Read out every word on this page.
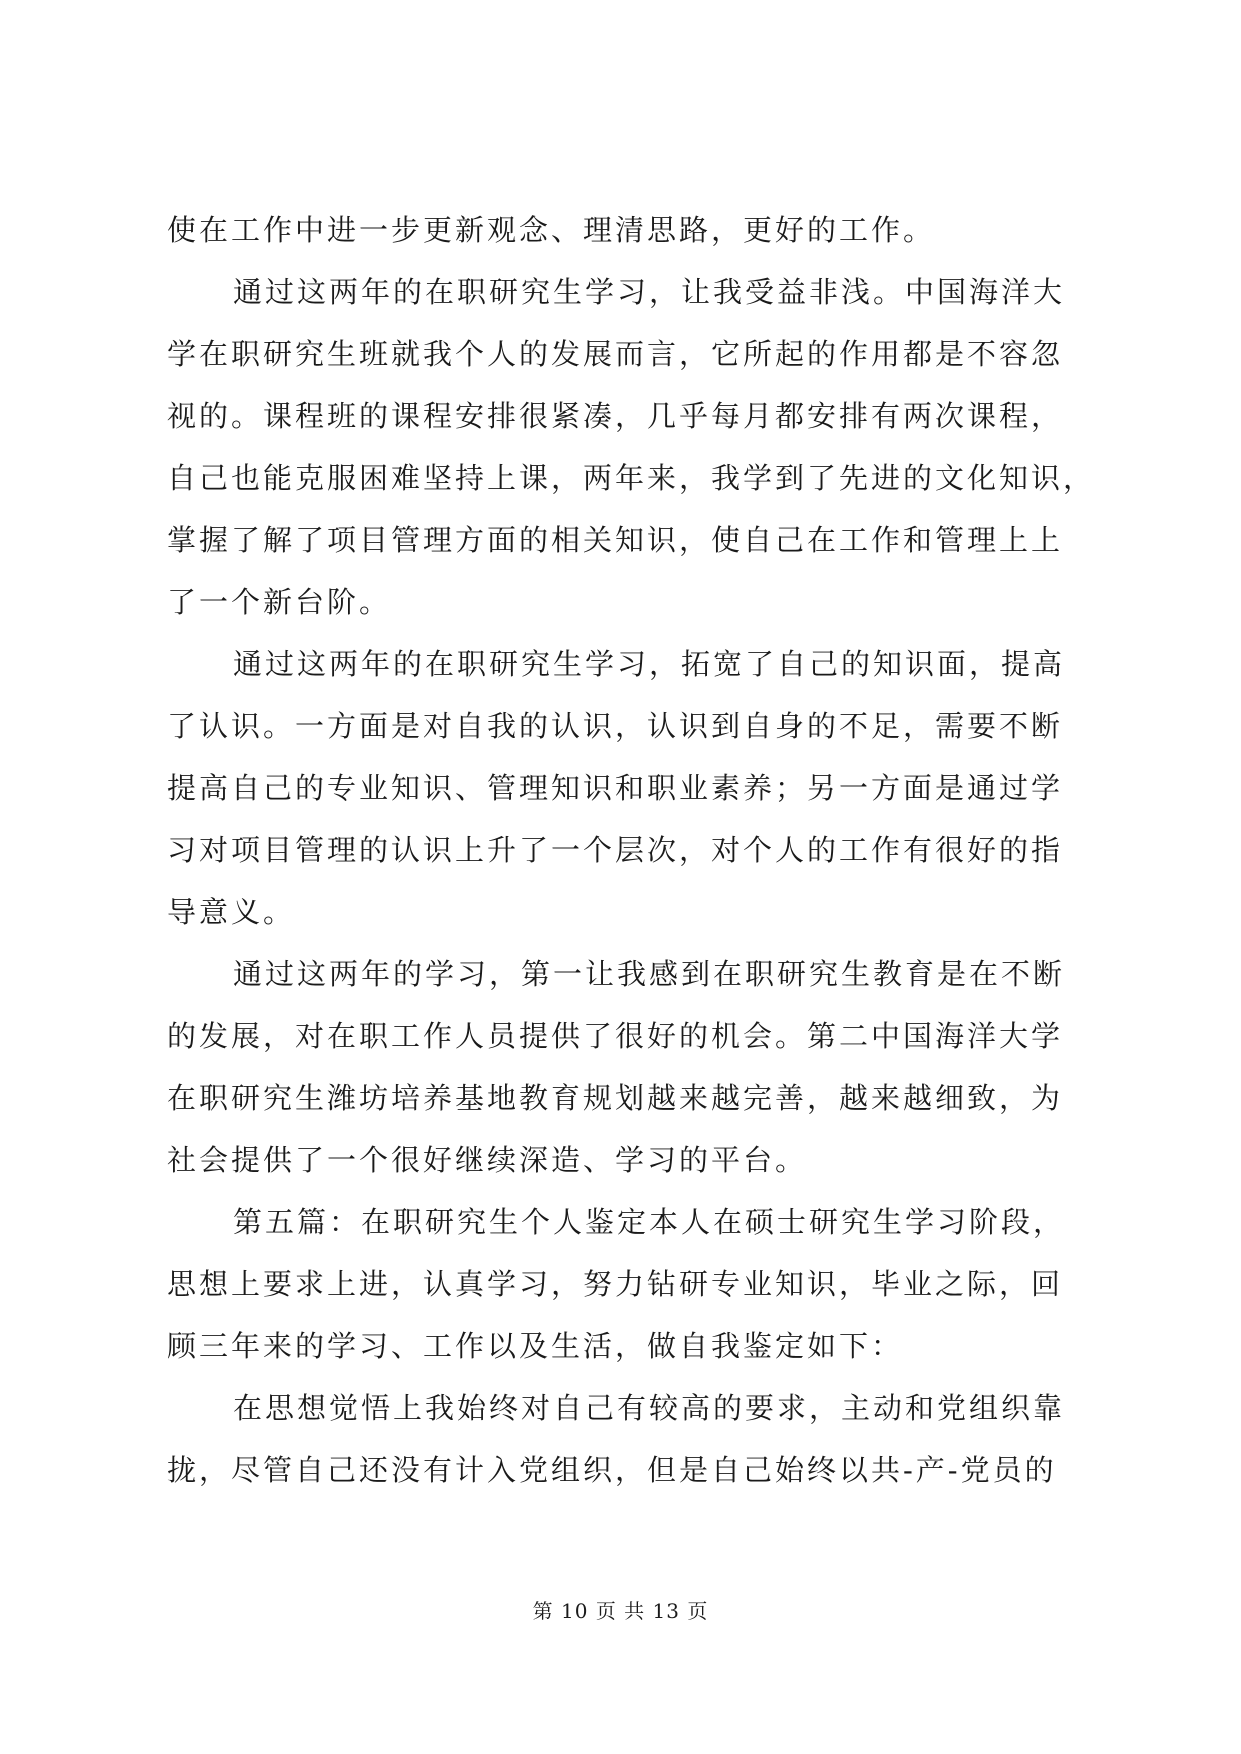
使在工作中进一步更新观念、理清思路，更好的工作。
通过这两年的在职研究生学习，让我受益非浅。中国海洋大
学在职研究生班就我个人的发展而言，它所起的作用都是不容忽
视的。课程班的课程安排很紧凑，几乎每月都安排有两次课程，
自己也能克服困难坚持上课，两年来，我学到了先进的文化知识，
掌握了解了项目管理方面的相关知识，使自己在工作和管理上上
了一个新台阶。
通过这两年的在职研究生学习，拓宽了自己的知识面，提高
了认识。一方面是对自我的认识，认识到自身的不足，需要不断
提高自己的专业知识、管理知识和职业素养；另一方面是通过学
习对项目管理的认识上升了一个层次，对个人的工作有很好的指
导意义。
通过这两年的学习，第一让我感到在职研究生教育是在不断
的发展，对在职工作人员提供了很好的机会。第二中国海洋大学
在职研究生潍坊培养基地教育规划越来越完善，越来越细致，为
社会提供了一个很好继续深造、学习的平台。
第五篇：在职研究生个人鉴定本人在硕士研究生学习阶段，
思想上要求上进，认真学习，努力钻研专业知识，毕业之际，回
顾三年来的学习、工作以及生活，做自我鉴定如下：
在思想觉悟上我始终对自己有较高的要求，主动和党组织靠
拢，尽管自己还没有计入党组织，但是自己始终以共-产-党员的
第 10 页 共 13 页
